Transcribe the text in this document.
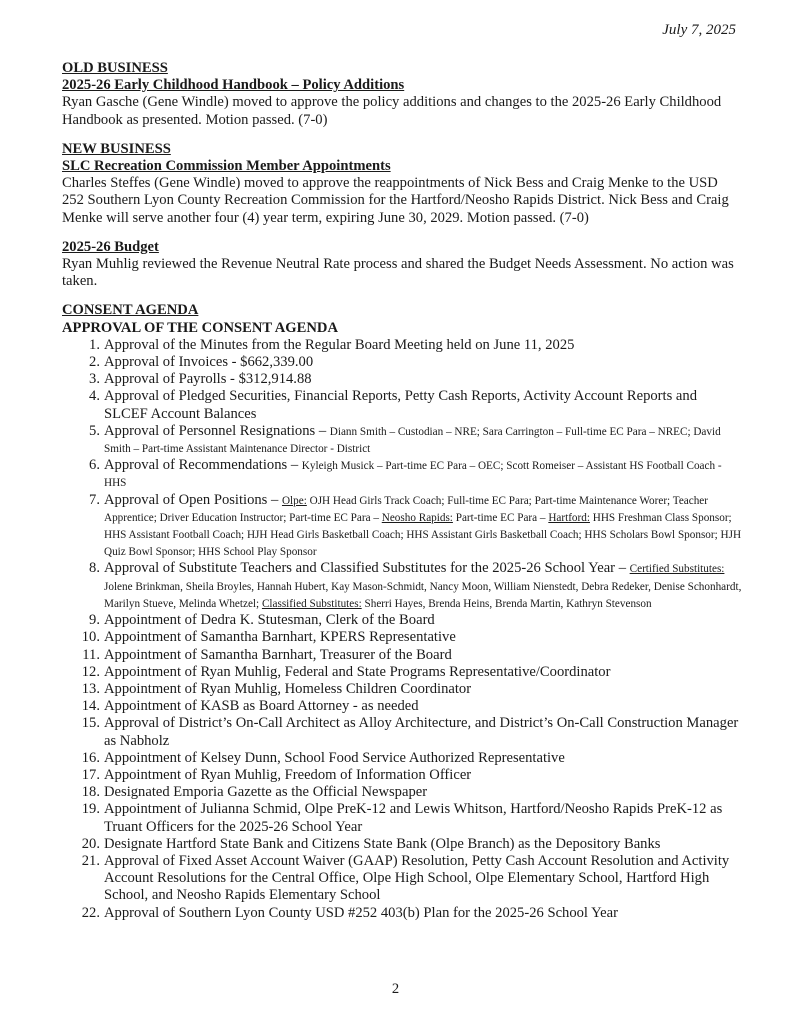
July 7, 2025

OLD BUSINESS

2025-26 Early Childhood Handbook – Policy Additions

Ryan Gasche (Gene Windle) moved to approve the policy additions and changes to the 2025-26 Early Childhood Handbook as presented. Motion passed. (7-0)

NEW BUSINESS

SLC Recreation Commission Member Appointments

Charles Steffes (Gene Windle) moved to approve the reappointments of Nick Bess and Craig Menke to the USD 252 Southern Lyon County Recreation Commission for the Hartford/Neosho Rapids District. Nick Bess and Craig Menke will serve another four (4) year term, expiring June 30, 2029. Motion passed. (7-0)

2025-26 Budget

Ryan Muhlig reviewed the Revenue Neutral Rate process and shared the Budget Needs Assessment. No action was taken.

CONSENT AGENDA

APPROVAL OF THE CONSENT AGENDA

1. Approval of the Minutes from the Regular Board Meeting held on June 11, 2025
2. Approval of Invoices - $662,339.00
3. Approval of Payrolls - $312,914.88
4. Approval of Pledged Securities, Financial Reports, Petty Cash Reports, Activity Account Reports and SLCEF Account Balances
5. Approval of Personnel Resignations – Diann Smith – Custodian – NRE; Sara Carrington – Full-time EC Para – NREC; David Smith – Part-time Assistant Maintenance Director - District
6. Approval of Recommendations – Kyleigh Musick – Part-time EC Para – OEC; Scott Romeiser – Assistant HS Football Coach - HHS
7. Approval of Open Positions – Olpe: OJH Head Girls Track Coach; Full-time EC Para; Part-time Maintenance Worer; Teacher Apprentice; Driver Education Instructor; Part-time EC Para – Neosho Rapids: Part-time EC Para – Hartford: HHS Freshman Class Sponsor; HHS Assistant Football Coach; HJH Head Girls Basketball Coach; HHS Assistant Girls Basketball Coach; HHS Scholars Bowl Sponsor; HJH Quiz Bowl Sponsor; HHS School Play Sponsor
8. Approval of Substitute Teachers and Classified Substitutes for the 2025-26 School Year – Certified Substitutes: Jolene Brinkman, Sheila Broyles, Hannah Hubert, Kay Mason-Schmidt, Nancy Moon, William Nienstedt, Debra Redeker, Denise Schonhardt, Marilyn Stueve, Melinda Whetzel; Classified Substitutes: Sherri Hayes, Brenda Heins, Brenda Martin, Kathryn Stevenson
9. Appointment of Dedra K. Stutesman, Clerk of the Board
10. Appointment of Samantha Barnhart, KPERS Representative
11. Appointment of Samantha Barnhart, Treasurer of the Board
12. Appointment of Ryan Muhlig, Federal and State Programs Representative/Coordinator
13. Appointment of Ryan Muhlig, Homeless Children Coordinator
14. Appointment of KASB as Board Attorney - as needed
15. Approval of District’s On-Call Architect as Alloy Architecture, and District’s On-Call Construction Manager as Nabholz
16. Appointment of Kelsey Dunn, School Food Service Authorized Representative
17. Appointment of Ryan Muhlig, Freedom of Information Officer
18. Designated Emporia Gazette as the Official Newspaper
19. Appointment of Julianna Schmid, Olpe PreK-12 and Lewis Whitson, Hartford/Neosho Rapids PreK-12 as Truant Officers for the 2025-26 School Year
20. Designate Hartford State Bank and Citizens State Bank (Olpe Branch) as the Depository Banks
21. Approval of Fixed Asset Account Waiver (GAAP) Resolution, Petty Cash Account Resolution and Activity Account Resolutions for the Central Office, Olpe High School, Olpe Elementary School, Hartford High School, and Neosho Rapids Elementary School
22. Approval of Southern Lyon County USD #252 403(b) Plan for the 2025-26 School Year
2
